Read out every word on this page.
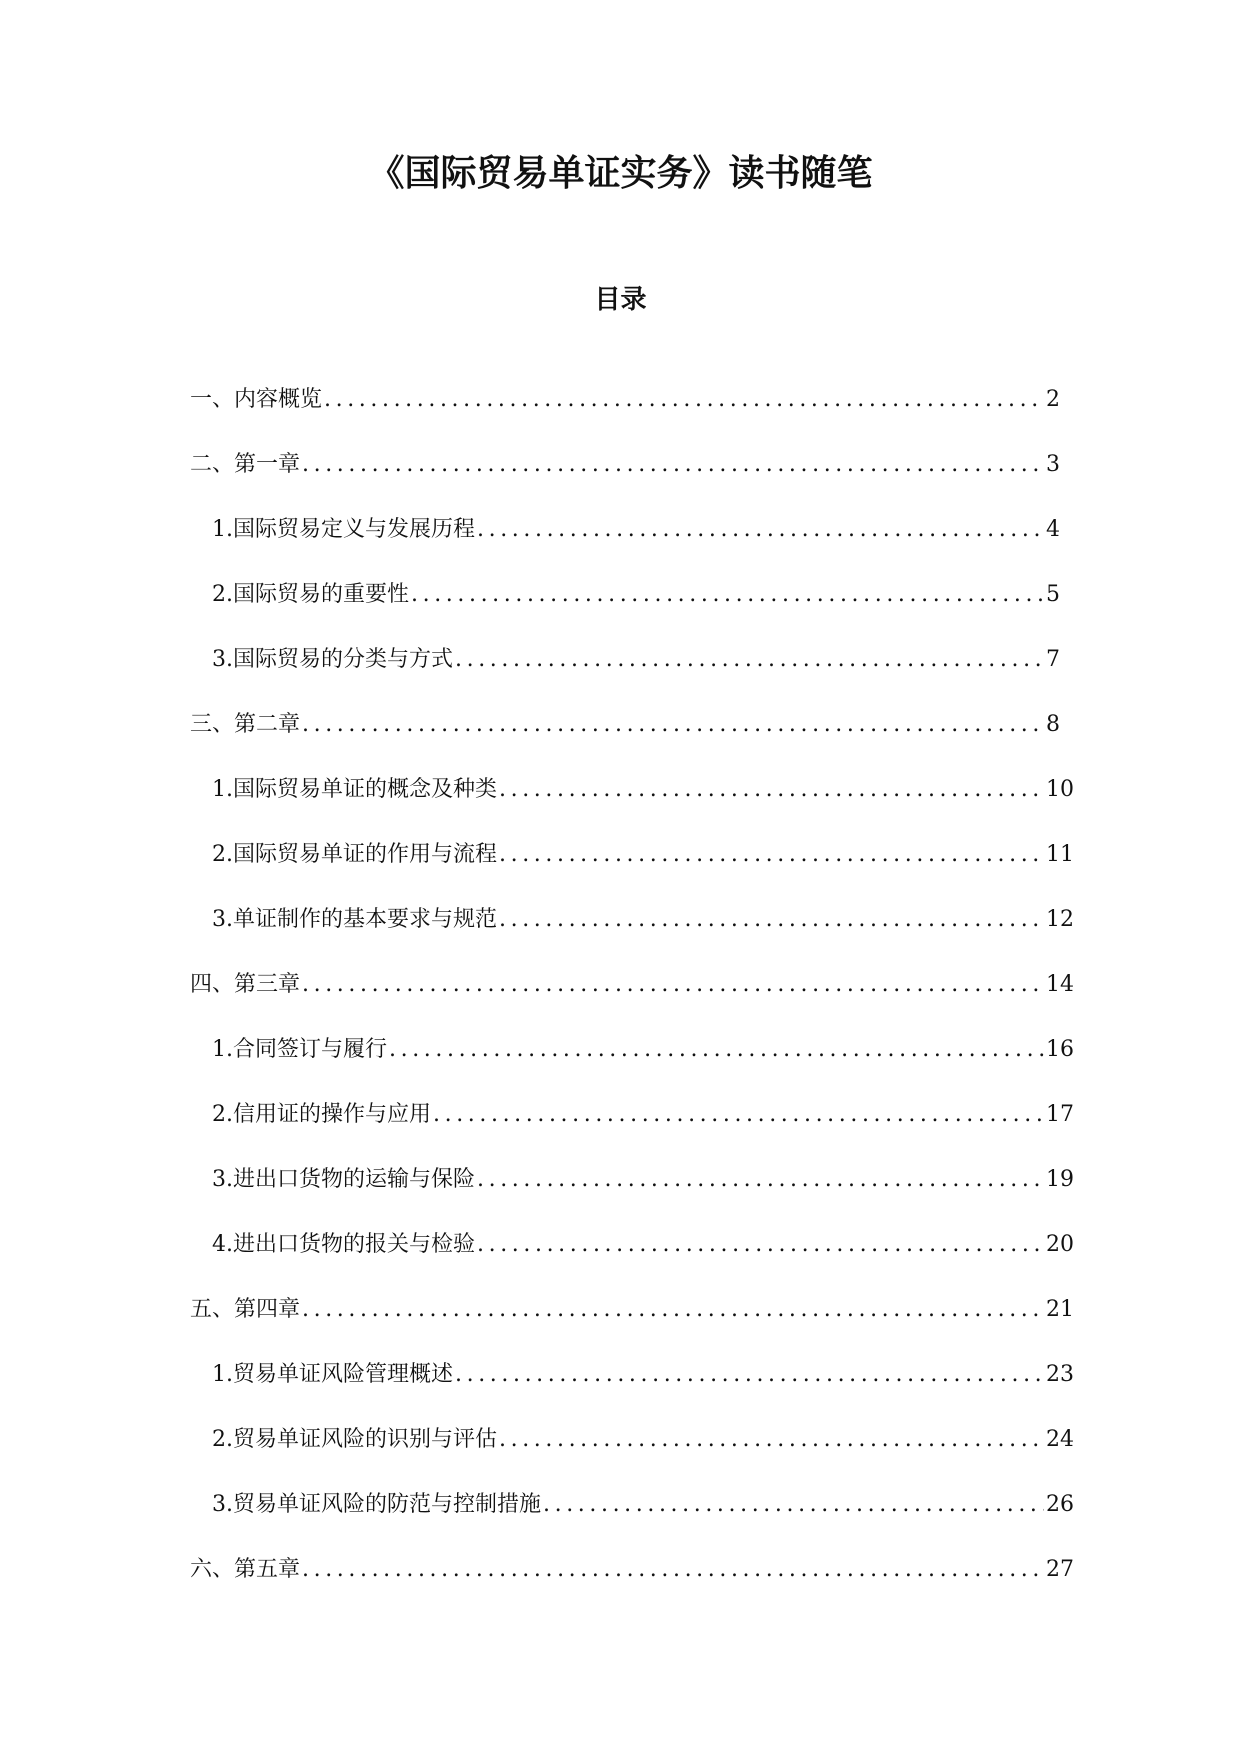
《国际贸易单证实务》读书随笔
目录
一、内容概览 .....	2
二、第一章 .....	3
1. 国际贸易定义与发展历程 .....	4
2. 国际贸易的重要性 .....	5
3. 国际贸易的分类与方式 .....	7
三、第二章 .....	8
1. 国际贸易单证的概念及种类 .....	10
2. 国际贸易单证的作用与流程 .....	11
3. 单证制作的基本要求与规范 .....	12
四、第三章 .....	14
1. 合同签订与履行 .....	16
2. 信用证的操作与应用 .....	17
3. 进出口货物的运输与保险 .....	19
4. 进出口货物的报关与检验 .....	20
五、第四章 .....	21
1. 贸易单证风险管理概述 .....	23
2. 贸易单证风险的识别与评估 .....	24
3. 贸易单证风险的防范与控制措施 .....	26
六、第五章 .....	27
